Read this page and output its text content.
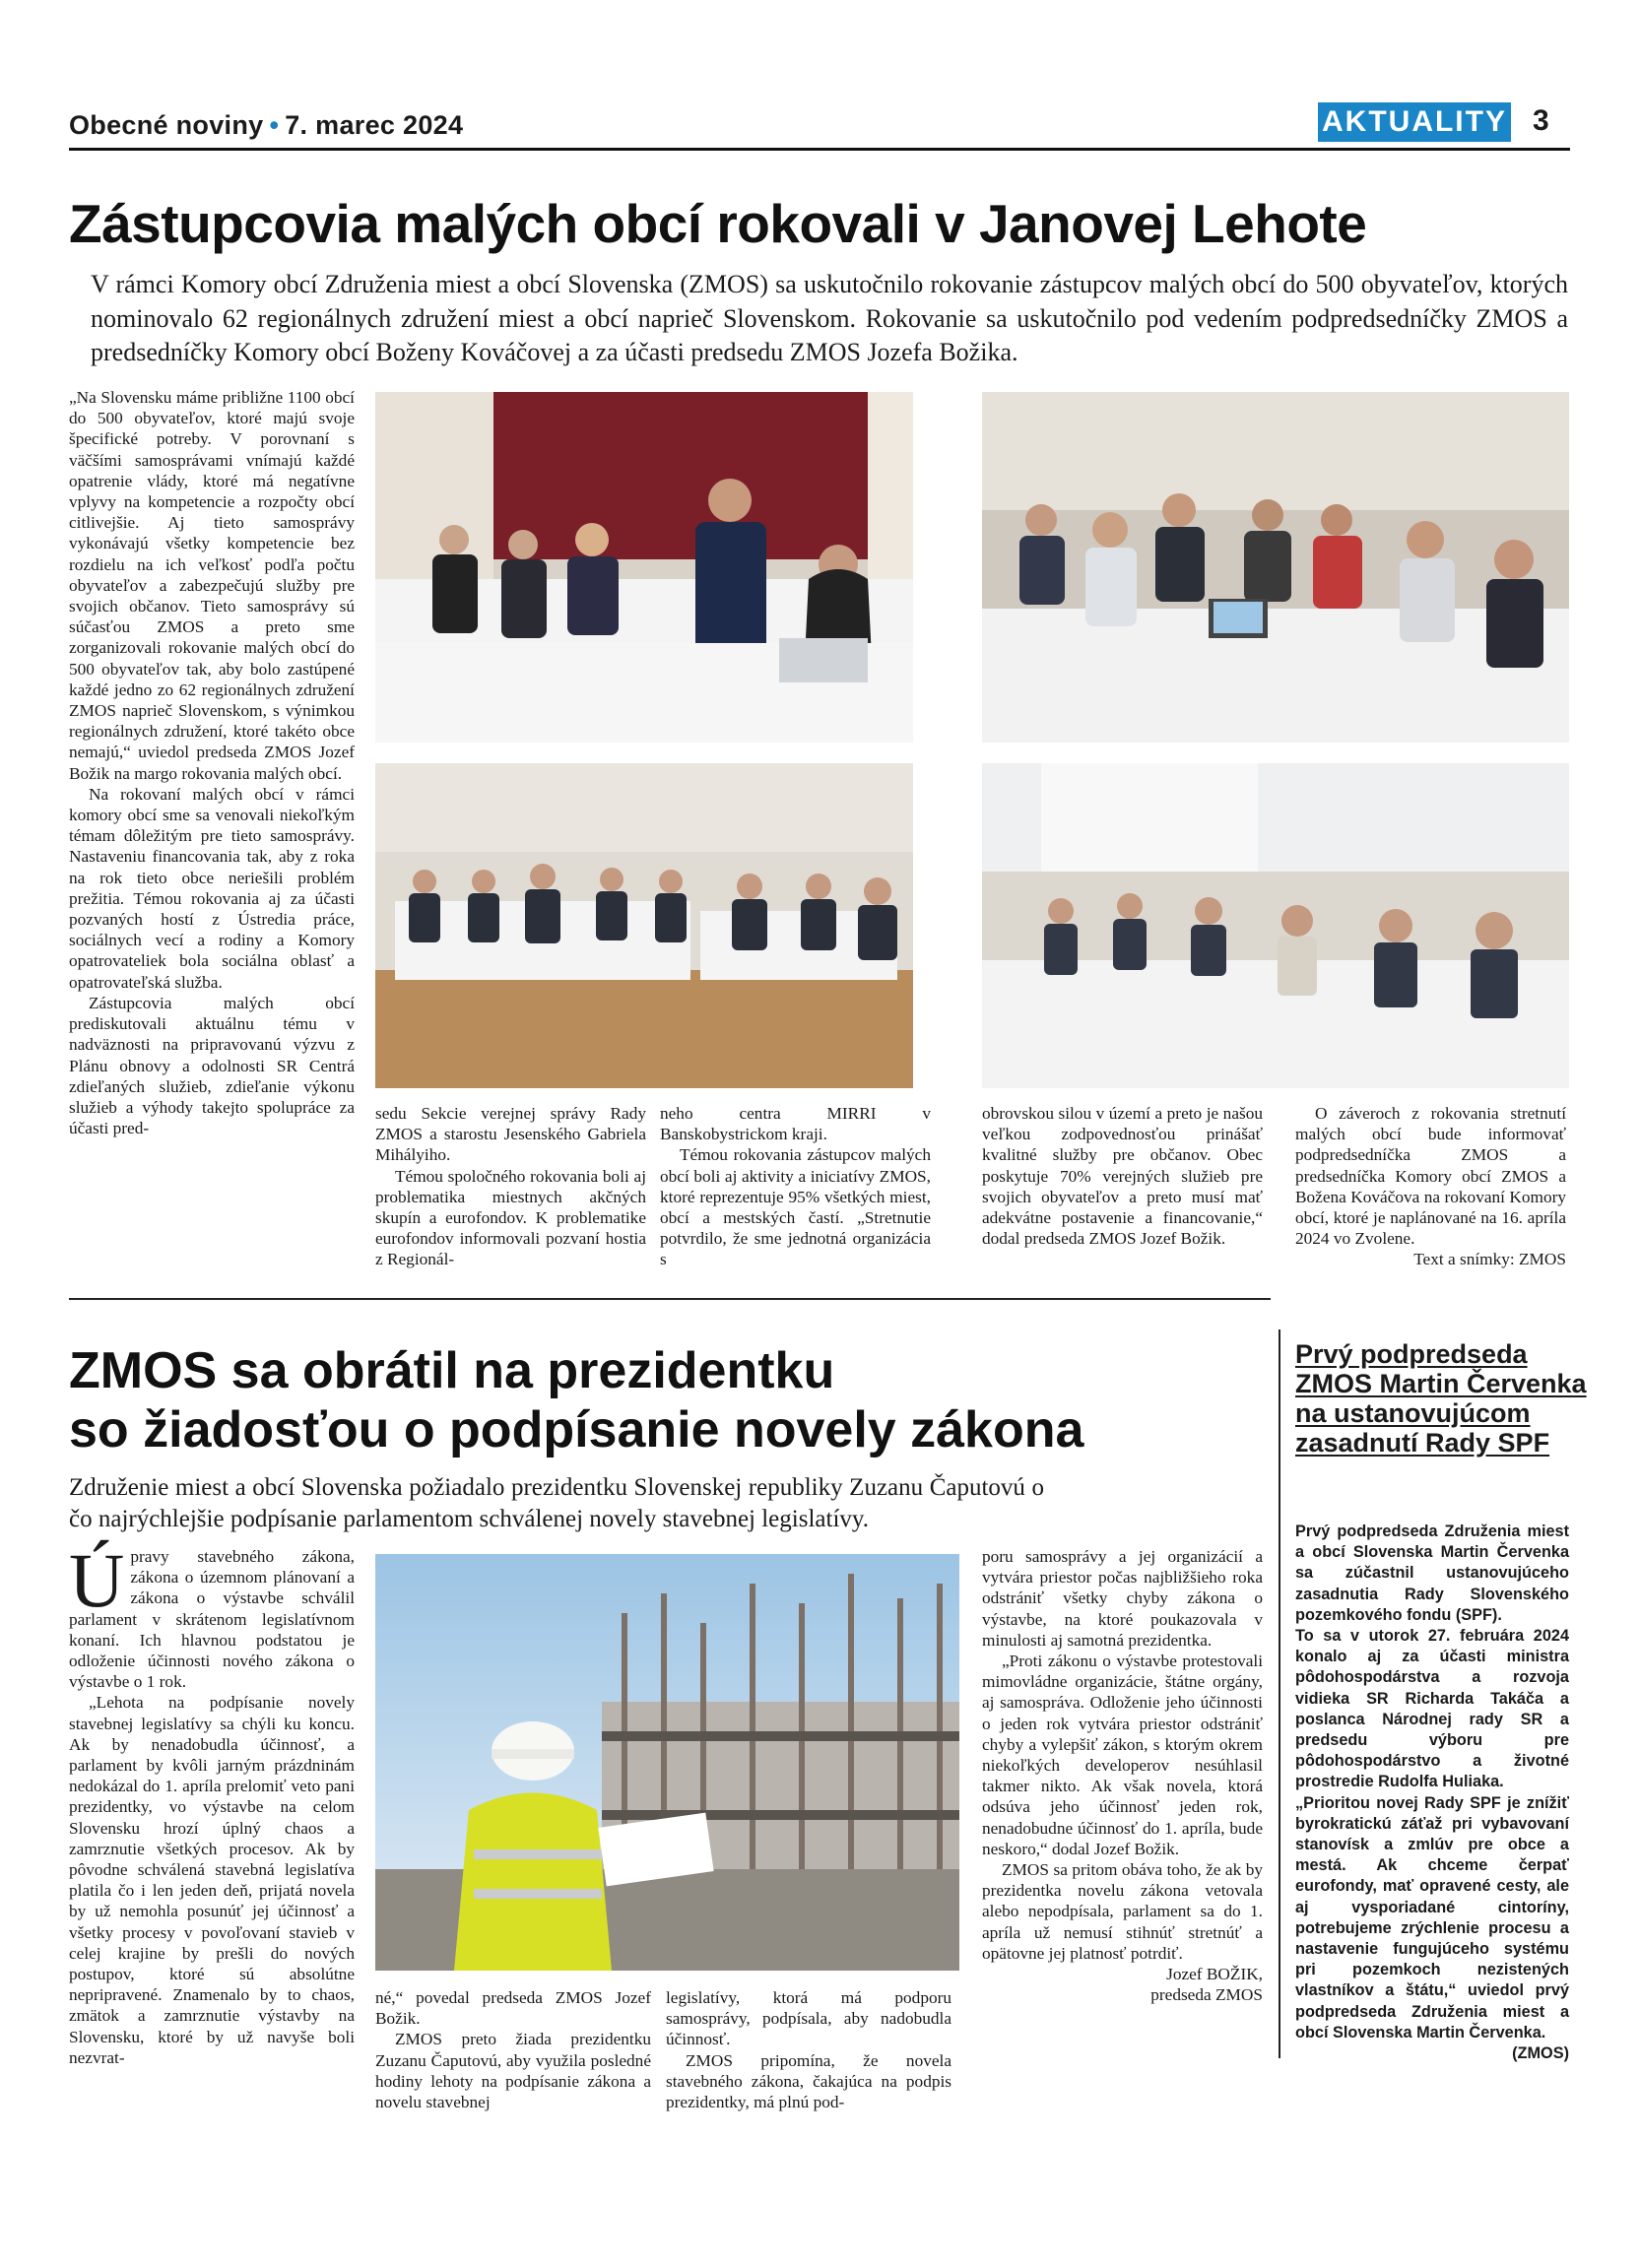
Obecné noviny • 7. marec 2024	AKTUALITY 3
Zástupcovia malých obcí rokovali v Janovej Lehote
V rámci Komory obcí Združenia miest a obcí Slovenska (ZMOS) sa uskutočnilo rokovanie zástupcov malých obcí do 500 obyvateľov, ktorých nominovalo 62 regionálnych združení miest a obcí naprieč Slovenskom. Rokovanie sa uskutočnilo pod vedením podpredsedníčky ZMOS a predsedníčky Komory obcí Boženy Kováčovej a za účasti predsedu ZMOS Jozefa Božika.

„Na Slovensku máme približne 1100 obcí do 500 obyvateľov, ktoré majú svoje špecifické potreby. V porovnaní s väčšími samosprávami vnímajú každé opatrenie vlády, ktoré má negatívne vplyvy na kompetencie a rozpočty obcí citlivejšie. Aj tieto samosprávy vykonávajú všetky kompetencie bez rozdielu na ich veľkosť podľa počtu obyvateľov a zabezpečujú služby pre svojich občanov. Tieto samosprávy sú súčasťou ZMOS a preto sme zorganizovali rokovanie malých obcí do 500 obyvateľov tak, aby bolo zastúpené každé jedno zo 62 regionálnych združení ZMOS naprieč Slovenskom, s výnimkou regionálnych združení, ktoré takéto obce nemajú,“ uviedol predseda ZMOS Jozef Božik na margo rokovania malých obcí.

Na rokovaní malých obcí v rámci komory obcí sme sa venovali niekoľkým témam dôležitým pre tieto samosprávy. Nastaveniu financovania tak, aby z roka na rok tieto obce neriešili problém prežitia. Témou rokovania aj za účasti pozvaných hostí z Ústredia práce, sociálnych vecí a rodiny a Komory opatrovateliek bola sociálna oblasť a opatrovateľská služba.

Zástupcovia malých obcí prediskutovali aktuálnu tému v nadväznosti na pripravovanú výzvu z Plánu obnovy a odolnosti SR Centrá zdieľaných služieb, zdieľanie výkonu služieb a výhody takejto spolupráce za účasti pred-

sedu Sekcie verejnej správy Rady ZMOS a starostu Jesenského Gabriela Mihályiho.

Témou spoločného rokovania boli aj problematika miestnych akčných skupín a eurofondov. K problematike eurofondov informovali pozvaní hostia z Regionál-

neho centra MIRRI v Banskobystrickom kraji.

Témou rokovania zástupcov malých obcí boli aj aktivity a iniciatívy ZMOS, ktoré reprezentuje 95% všetkých miest, obcí a mestských častí. „Stretnutie potvrdilo, že sme jednotná organizácia s

obrovskou silou v území a preto je našou veľkou zodpovednosťou prinášať kvalitné služby pre občanov. Obec poskytuje 70% verejných služieb pre svojich obyvateľov a preto musí mať adekvátne postavenie a financovanie,“ dodal predseda ZMOS Jozef Božik.

O záveroch z rokovania stretnutí malých obcí bude informovať podpredsedníčka ZMOS a predsedníčka Komory obcí ZMOS a Božena Kováčova na rokovaní Komory obcí, ktoré je naplánované na 16. apríla 2024 vo Zvolene.

Text a snímky: ZMOS

ZMOS sa obrátil na prezidentku
so žiadosťou o podpísanie novely zákona
Združenie miest a obcí Slovenska požiadalo prezidentku Slovenskej republiky Zuzanu Čaputovú o čo najrýchlejšie podpísanie parlamentom schválenej novely stavebnej legislatívy.

Úpravy stavebného zákona, zákona o územnom plánovaní a zákona o výstavbe schválil parlament v skrátenom legislatívnom konaní. Ich hlavnou podstatou je odloženie účinnosti nového zákona o výstavbe o 1 rok.

„Lehota na podpísanie novely stavebnej legislatívy sa chýli ku koncu. Ak by nenadobudla účinnosť, a parlament by kvôli jarným prázdninám nedokázal do 1. apríla prelomiť veto pani prezidentky, vo výstavbe na celom Slovensku hrozí úplný chaos a zamrznutie všetkých procesov. Ak by pôvodne schválená stavebná legislatíva platila čo i len jeden deň, prijatá novela by už nemohla posunúť jej účinnosť a všetky procesy v povoľovaní stavieb v celej krajine by prešli do nových postupov, ktoré sú absolútne nepripravené. Znamenalo by to chaos, zmätok a zamrznutie výstavby na Slovensku, ktoré by už navyše boli nezvrat-

né,“ povedal predseda ZMOS Jozef Božik.

ZMOS preto žiada prezidentku Zuzanu Čaputovú, aby využila posledné hodiny lehoty na podpísanie zákona a novelu stavebnej

legislatívy, ktorá má podporu samosprávy, podpísala, aby nadobudla účinnosť.

ZMOS pripomína, že novela stavebného zákona, čakajúca na podpis prezidentky, má plnú pod-

poru samosprávy a jej organizácií a vytvára priestor počas najbližšieho roka odstrániť všetky chyby zákona o výstavbe, na ktoré poukazovala v minulosti aj samotná prezidentka.

„Proti zákonu o výstavbe protestovali mimovládne organizácie, štátne orgány, aj samospráva. Odloženie jeho účinnosti o jeden rok vytvára priestor odstrániť chyby a vylepšiť zákon, s ktorým okrem niekoľkých developerov nesúhlasil takmer nikto. Ak však novela, ktorá odsúva jeho účinnosť jeden rok, nenadobudne účinnosť do 1. apríla, bude neskoro,“ dodal Jozef Božik.

ZMOS sa pritom obáva toho, že ak by prezidentka novelu zákona vetovala alebo nepodpísala, parlament sa do 1. apríla už nemusí stihnúť stretnúť a opätovne jej platnosť potrdiť.

Jozef BOŽIK,

predseda ZMOS

Prvý podpredseda ZMOS Martin Červenka na ustanovujúcom zasadnutí Rady SPF

Prvý podpredseda Združenia miest a obcí Slovenska Martin Červenka sa zúčastnil ustanovujúceho zasadnutia Rady Slovenského pozemkového fondu (SPF).

To sa v utorok 27. februára 2024 konalo aj za účasti ministra pôdohospodárstva a rozvoja vidieka SR Richarda Takáča a poslanca Národnej rady SR a predsedu výboru pre pôdohospodárstvo a životné prostredie Rudolfa Huliaka.

„Prioritou novej Rady SPF je znížiť byrokratickú záťaž pri vybavovaní stanovísk a zmlúv pre obce a mestá. Ak chceme čerpať eurofondy, mať opravené cesty, ale aj vysporiadané cintoríny, potrebujeme zrýchlenie procesu a nastavenie fungujúceho systému pri pozemkoch nezistených vlastníkov a štátu,“ uviedol prvý podpredseda Združenia miest a obcí Slovenska Martin Červenka.

(ZMOS)
